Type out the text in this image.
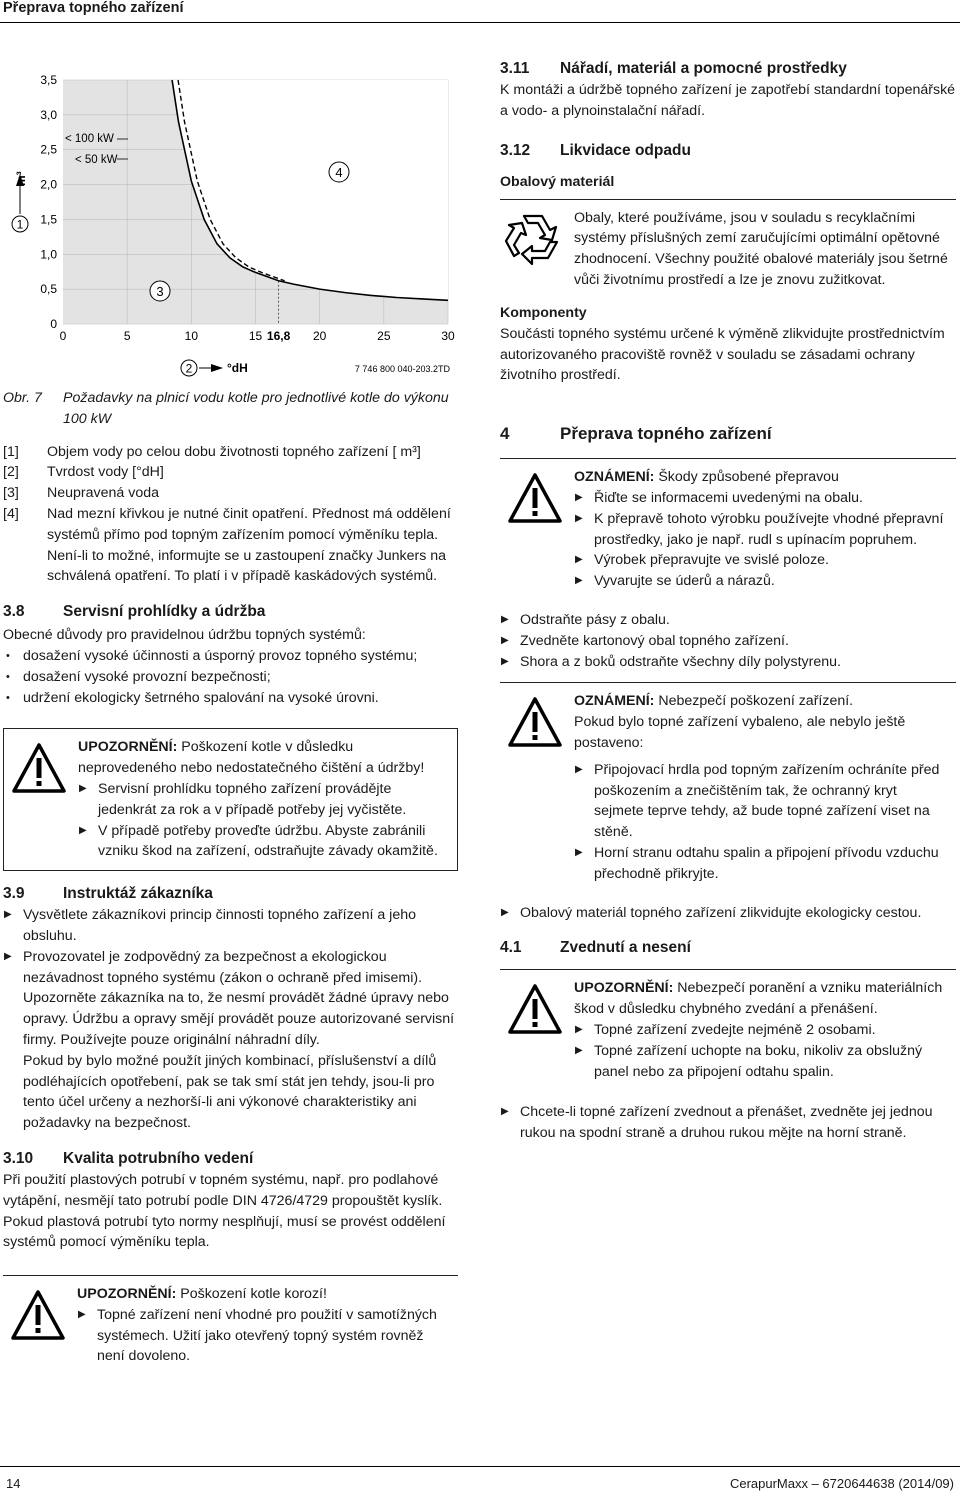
Přeprava topného zařízení
0
0,5
1,0
1,5
2,0
2,5
3,0
3,5
0	5	10	15 16,8 20	25	30
< 100 kW
< 50 kW
1
m³
3
4
2	°dH	7 746 800 040-203.2TD
Obr. 7	Požadavky na plnicí vodu kotle pro jednotlivé kotle do výkonu 100 kW
[1]	Objem vody po celou dobu životnosti topného zařízení [ m³]
[2]	Tvrdost vody [°dH]
[3]	Neupravená voda
[4]	Nad mezní křivkou je nutné činit opatření. Přednost má oddělení systémů přímo pod topným zařízením pomocí výměníku tepla. Není-li to možné, informujte se u zastoupení značky Junkers na schválená opatření. To platí i v případě kaskádových systémů.
3.8 Servisní prohlídky a údržba

Obecné důvody pro pravidelnou údržbu topných systémů:

• dosažení vysoké účinnosti a úsporný provoz topného systému;
• dosažení vysoké provozní bezpečnosti;
• udržení ekologicky šetrného spalování na vysoké úrovni.

UPOZORNĚNÍ: Poškození kotle v důsledku neprovedeného nebo nedostatečného čištění a údržby!

▶ Servisní prohlídku topného zařízení provádějte jedenkrát za rok a v případě potřeby jej vyčistěte.
▶ V případě potřeby proveďte údržbu. Abyste zabránili vzniku škod na zařízení, odstraňujte závady okamžitě.
3.9 Instruktáž zákazníka
▶ Vysvětlete zákazníkovi princip činnosti topného zařízení a jeho obsluhu.
▶ Provozovatel je zodpovědný za bezpečnost a ekologickou nezávadnost topného systému (zákon o ochraně před imisemi).

Upozorněte zákazníka na to, že nesmí provádět žádné úpravy nebo opravy. Údržbu a opravy smějí provádět pouze autorizované servisní firmy. Používejte pouze originální náhradní díly.

Pokud by bylo možné použít jiných kombinací, příslušenství a dílů podléhajících opotřebení, pak se tak smí stát jen tehdy, jsou-li pro tento účel určeny a nezhorší-li ani výkonové charakteristiky ani požadavky na bezpečnost.

3.10 Kvalita potrubního vedení

Při použití plastových potrubí v topném systému, např. pro podlahové vytápění, nesmějí tato potrubí podle DIN 4726/4729 propouštět kyslík. Pokud plastová potrubí tyto normy nesplňují, musí se provést oddělení systémů pomocí výměníku tepla.

UPOZORNĚNÍ: Poškození kotle korozí!

▶ Topné zařízení není vhodné pro použití v samotížných systémech. Užití jako otevřený topný systém rovněž není dovoleno.
3.11 Nářadí, materiál a pomocné prostředky

K montáži a údržbě topného zařízení je zapotřebí standardní topenářské a vodo- a plynoinstalační nářadí.

3.12 Likvidace odpadu
Obalový materiál

Obaly, které používáme, jsou v souladu s recyklačními systémy příslušných zemí zaručujícími optimální opětovné zhodnocení. Všechny použité obalové materiály jsou šetrné vůči životnímu prostředí a lze je znovu zužitkovat.

Komponenty

Součásti topného systému určené k výměně zlikvidujte prostřednictvím autorizovaného pracoviště rovněž v souladu se zásadami ochrany životního prostředí.

4	Přeprava topného zařízení

OZNÁMENÍ: Škody způsobené přepravou

▶ Řiďte se informacemi uvedenými na obalu.
▶ K přepravě tohoto výrobku používejte vhodné přepravní prostředky, jako je např. rudl s upínacím popruhem.
▶ Výrobek přepravujte ve svislé poloze.
▶ Vyvarujte se úderů a nárazů.
▶ Odstraňte pásy z obalu.
▶ Zvedněte kartonový obal topného zařízení.
▶ Shora a z boků odstraňte všechny díly polystyrenu.

OZNÁMENÍ: Nebezpečí poškození zařízení.

Pokud bylo topné zařízení vybaleno, ale nebylo ještě postaveno:

▶ Připojovací hrdla pod topným zařízením ochráníte před poškozením a znečištěním tak, že ochranný kryt sejmete teprve tehdy, až bude topné zařízení viset na stěně.
▶ Horní stranu odtahu spalin a připojení přívodu vzduchu přechodně přikryjte.
▶ Obalový materiál topného zařízení zlikvidujte ekologicky cestou.
4.1 Zvednutí a nesení

UPOZORNĚNÍ: Nebezpečí poranění a vzniku materiálních škod v důsledku chybného zvedání a přenášení.

▶ Topné zařízení zvedejte nejméně 2 osobami.
▶ Topné zařízení uchopte na boku, nikoliv za obslužný panel nebo za připojení odtahu spalin.
▶ Chcete-li topné zařízení zvednout a přenášet, zvedněte jej jednou rukou na spodní straně a druhou rukou mějte na horní straně.
14	CerapurMaxx – 6720644638 (2014/09)
